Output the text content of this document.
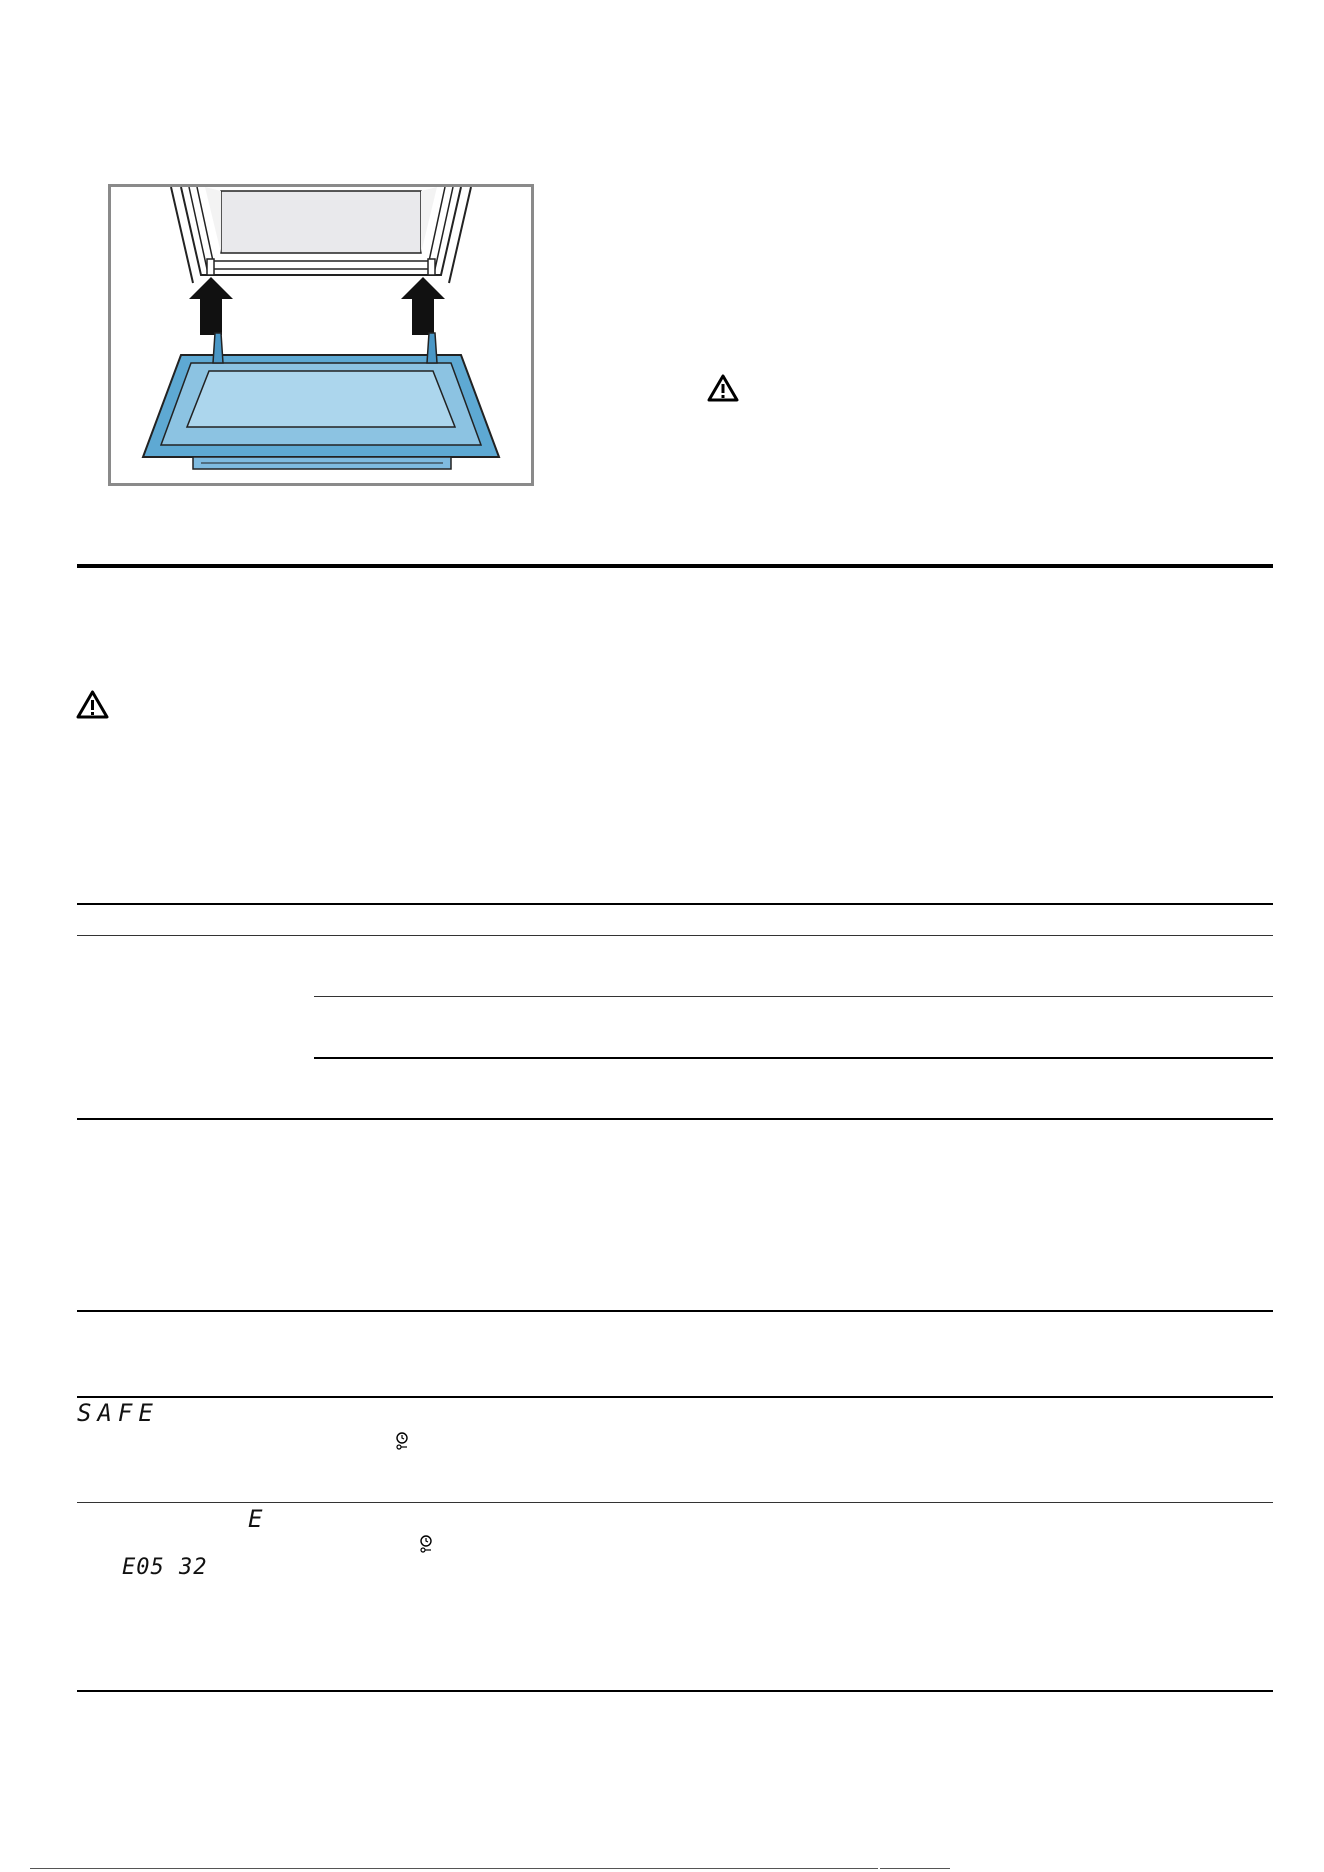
SAFE
E
E05 32
